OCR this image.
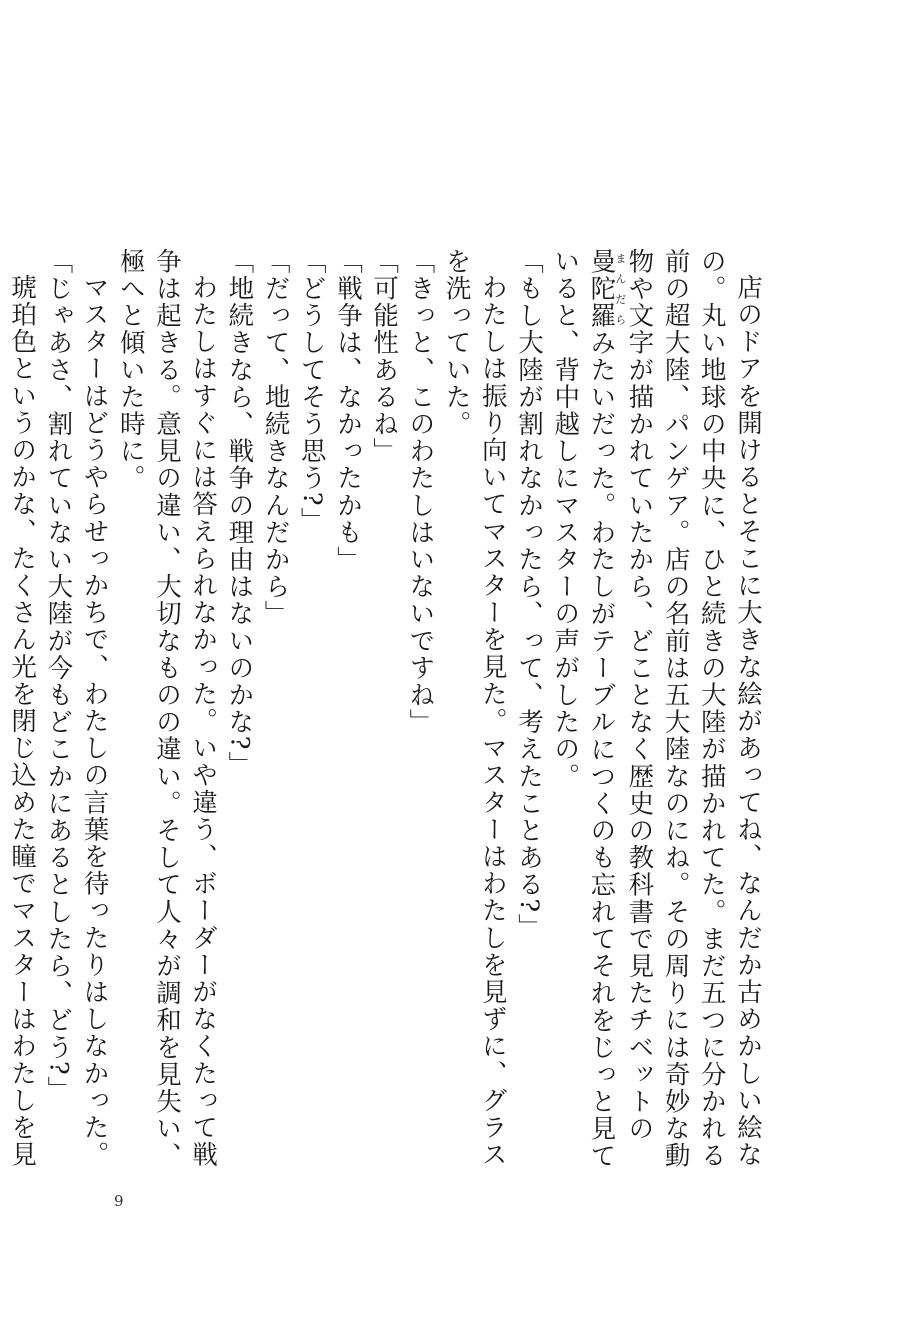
店のドアを開けるとそこに大きな絵があってね、なんだか古めかしい絵なの。丸い地球の中央に、ひと続きの大陸が描かれてた。まだ五つに分かれる前の超大陸、パンゲア。店の名前は五大陸なのにね。その周りには奇妙な動物や文字が描かれていたから、どことなく歴史の教科書で見たチベットの曼陀羅まんだらみたいだった。わたしがテーブルにつくのも忘れてそれをじっと見ていると、背中越しにマスターの声がしたの。

「もし大陸が割れなかったら、って、考えたことある?」

わたしは振り向いてマスターを見た。マスターはわたしを見ずに、グラスを洗っていた。

「きっと、このわたしはいないですね」

「可能性あるね」

「戦争は、なかったかも」

「どうしてそう思う?」

「だって、地続きなんだから」

「地続きなら、戦争の理由はないのかな?」

わたしはすぐには答えられなかった。いや違う、ボーダーがなくたって戦争は起きる。意見の違い、大切なものの違い。そして人々が調和を見失い、極へと傾いた時に。

マスターはどうやらせっかちで、わたしの言葉を待ったりはしなかった。

「じゃあさ、割れていない大陸が今もどこかにあるとしたら、どう?」

琥珀色というのかな、たくさん光を閉じ込めた瞳でマスターはわたしを見

9
